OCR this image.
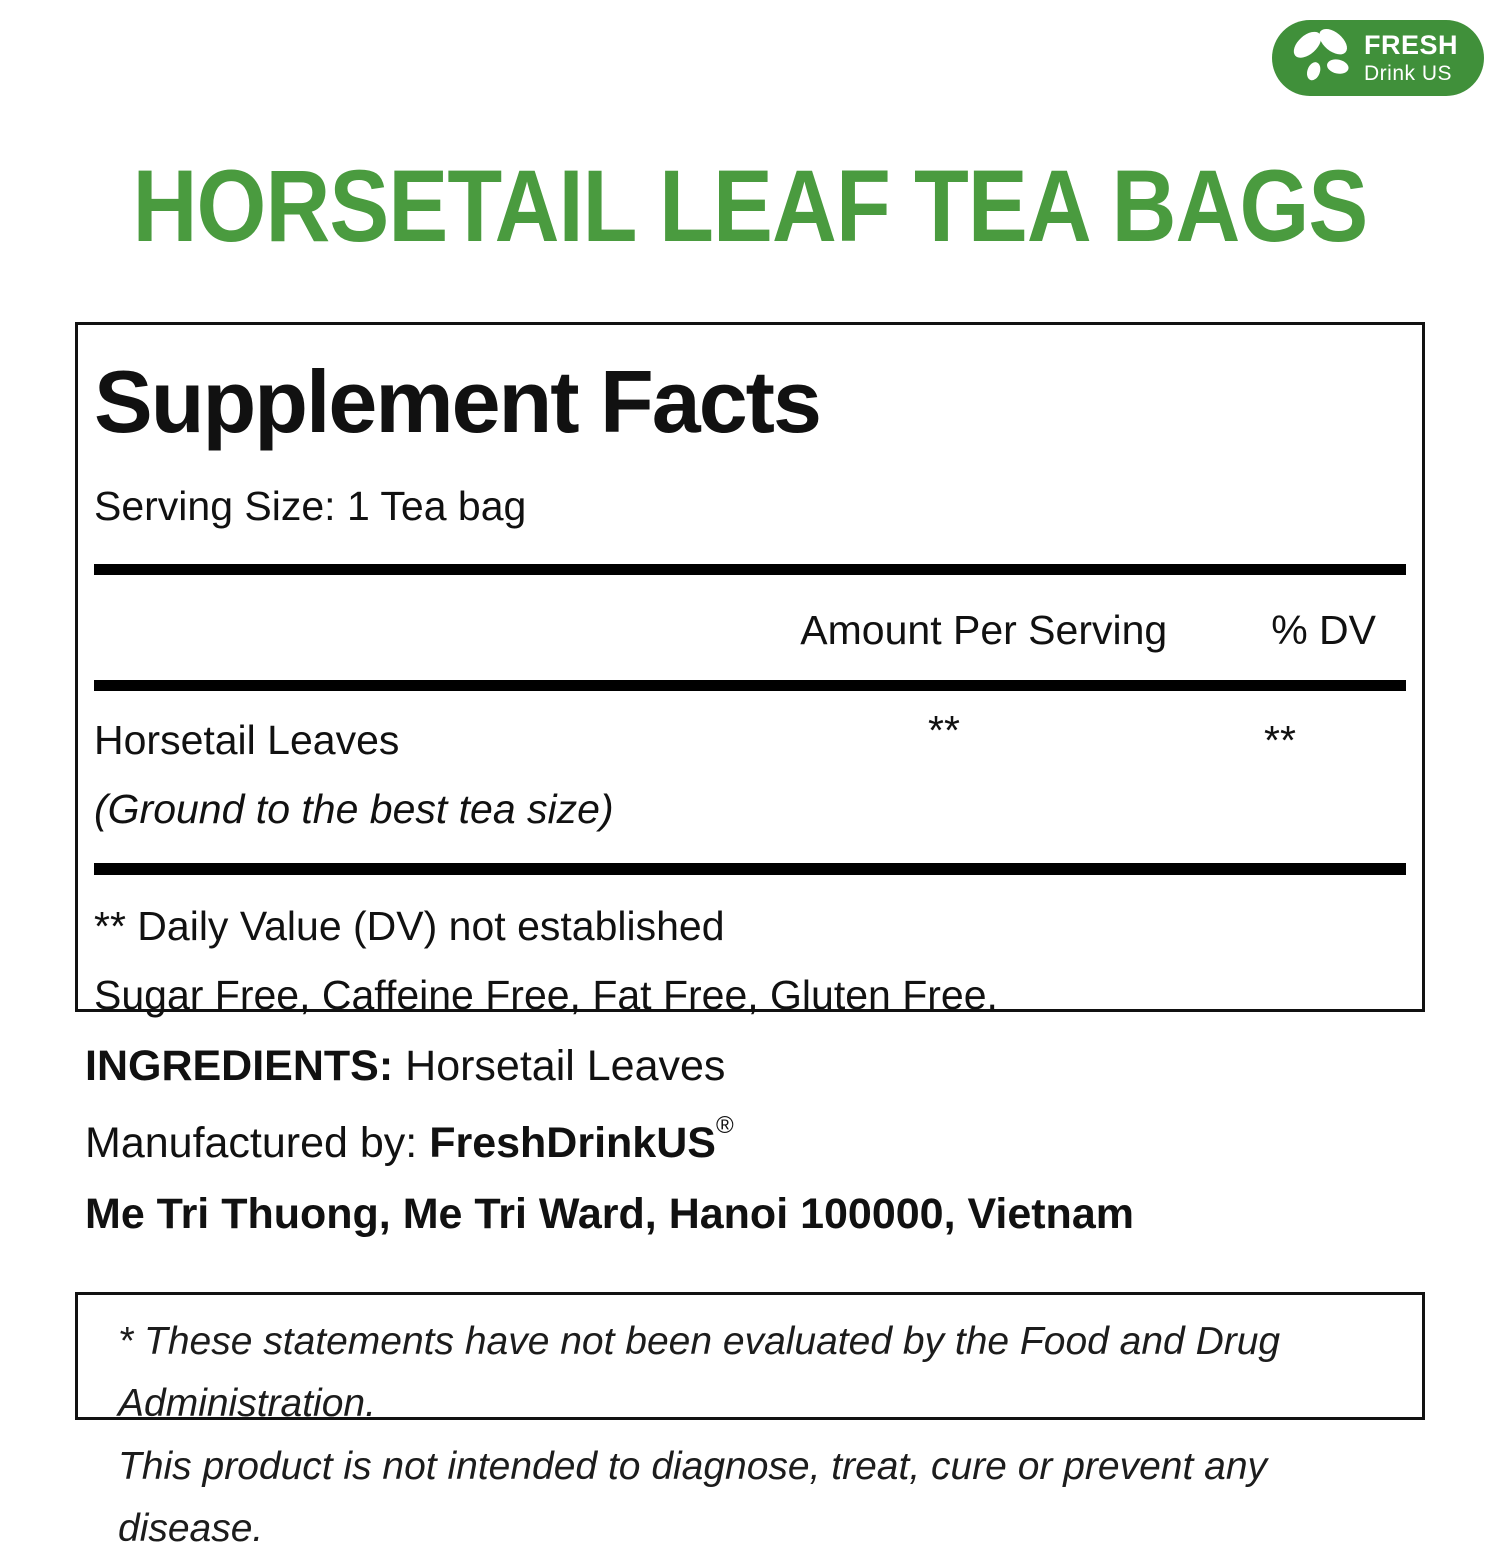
FRESH
Drink US
HORSETAIL LEAF TEA BAGS
Supplement Facts
Serving Size: 1 Tea bag
Amount Per Serving	% DV
Horsetail Leaves	**	**
(Ground to the best tea size)
** Daily Value (DV) not established
Sugar Free, Caffeine Free, Fat Free, Gluten Free.
INGREDIENTS: Horsetail Leaves
Manufactured by: FreshDrinkUS®
Me Tri Thuong, Me Tri Ward, Hanoi 100000, Vietnam
* These statements have not been evaluated by the Food and Drug Administration.
This product is not intended to diagnose, treat, cure or prevent any disease.
